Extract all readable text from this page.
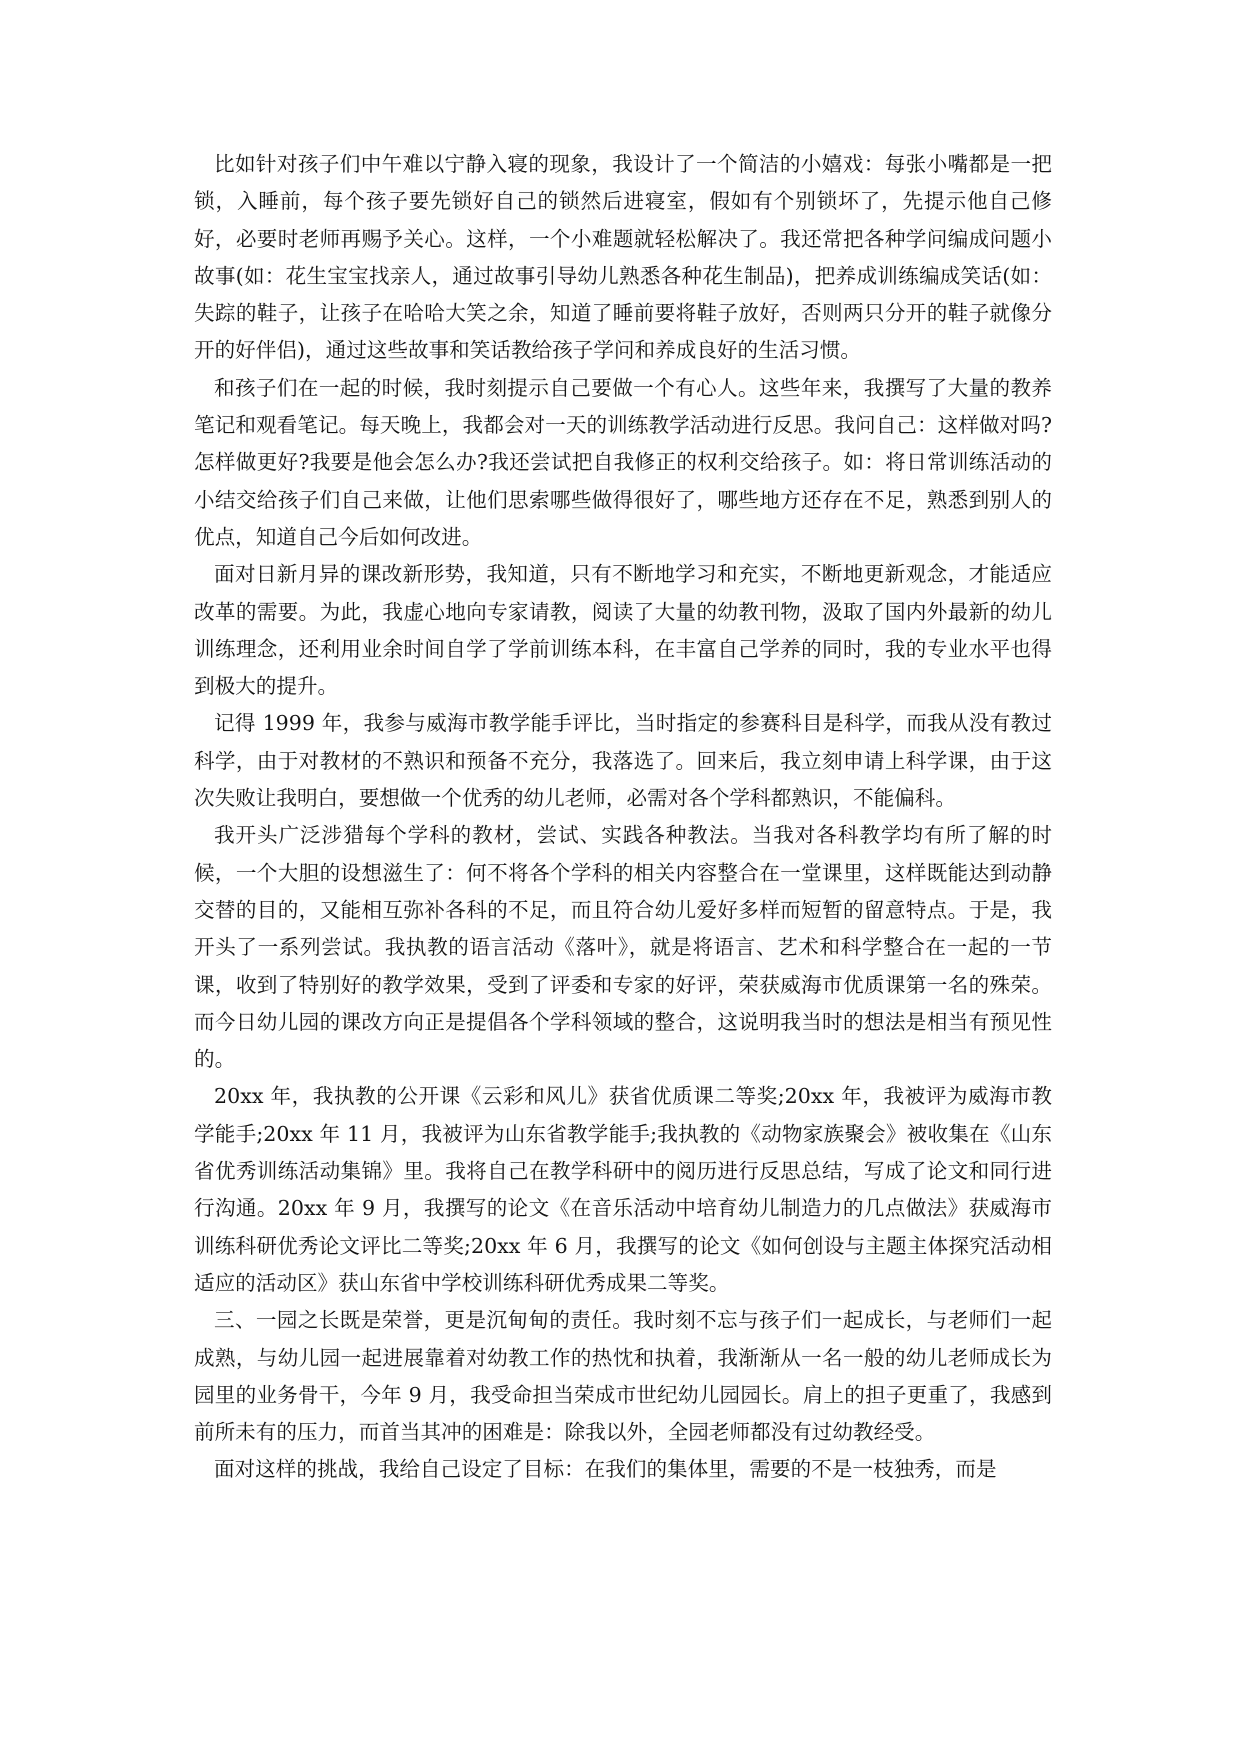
比如针对孩子们中午难以宁静入寝的现象，我设计了一个简洁的小嬉戏：每张小嘴都是一把锁，入睡前，每个孩子要先锁好自己的锁然后进寝室，假如有个别锁坏了，先提示他自己修好，必要时老师再赐予关心。这样，一个小难题就轻松解决了。我还常把各种学问编成问题小故事(如：花生宝宝找亲人，通过故事引导幼儿熟悉各种花生制品)，把养成训练编成笑话(如：失踪的鞋子，让孩子在哈哈大笑之余，知道了睡前要将鞋子放好，否则两只分开的鞋子就像分开的好伴侣)，通过这些故事和笑话教给孩子学问和养成良好的生活习惯。

和孩子们在一起的时候，我时刻提示自己要做一个有心人。这些年来，我撰写了大量的教养笔记和观看笔记。每天晚上，我都会对一天的训练教学活动进行反思。我问自己：这样做对吗?怎样做更好?我要是他会怎么办?我还尝试把自我修正的权利交给孩子。如：将日常训练活动的小结交给孩子们自己来做，让他们思索哪些做得很好了，哪些地方还存在不足，熟悉到别人的优点，知道自己今后如何改进。

面对日新月异的课改新形势，我知道，只有不断地学习和充实，不断地更新观念，才能适应改革的需要。为此，我虚心地向专家请教，阅读了大量的幼教刊物，汲取了国内外最新的幼儿训练理念，还利用业余时间自学了学前训练本科，在丰富自己学养的同时，我的专业水平也得到极大的提升。

记得 1999 年，我参与威海市教学能手评比，当时指定的参赛科目是科学，而我从没有教过科学，由于对教材的不熟识和预备不充分，我落选了。回来后，我立刻申请上科学课，由于这次失败让我明白，要想做一个优秀的幼儿老师，必需对各个学科都熟识，不能偏科。

我开头广泛涉猎每个学科的教材，尝试、实践各种教法。当我对各科教学均有所了解的时候，一个大胆的设想滋生了：何不将各个学科的相关内容整合在一堂课里，这样既能达到动静交替的目的，又能相互弥补各科的不足，而且符合幼儿爱好多样而短暂的留意特点。于是，我开头了一系列尝试。我执教的语言活动《落叶》，就是将语言、艺术和科学整合在一起的一节课，收到了特别好的教学效果，受到了评委和专家的好评，荣获威海市优质课第一名的殊荣。而今日幼儿园的课改方向正是提倡各个学科领域的整合，这说明我当时的想法是相当有预见性的。

20xx 年，我执教的公开课《云彩和风儿》获省优质课二等奖;20xx 年，我被评为威海市教学能手;20xx 年 11 月，我被评为山东省教学能手;我执教的《动物家族聚会》被收集在《山东省优秀训练活动集锦》里。我将自己在教学科研中的阅历进行反思总结，写成了论文和同行进行沟通。20xx 年 9 月，我撰写的论文《在音乐活动中培育幼儿制造力的几点做法》获威海市训练科研优秀论文评比二等奖;20xx 年 6 月，我撰写的论文《如何创设与主题主体探究活动相适应的活动区》获山东省中学校训练科研优秀成果二等奖。

三、一园之长既是荣誉，更是沉甸甸的责任。我时刻不忘与孩子们一起成长，与老师们一起成熟，与幼儿园一起进展靠着对幼教工作的热忱和执着，我渐渐从一名一般的幼儿老师成长为园里的业务骨干，今年 9 月，我受命担当荣成市世纪幼儿园园长。肩上的担子更重了，我感到前所未有的压力，而首当其冲的困难是：除我以外，全园老师都没有过幼教经受。

面对这样的挑战，我给自己设定了目标：在我们的集体里，需要的不是一枝独秀，而是
